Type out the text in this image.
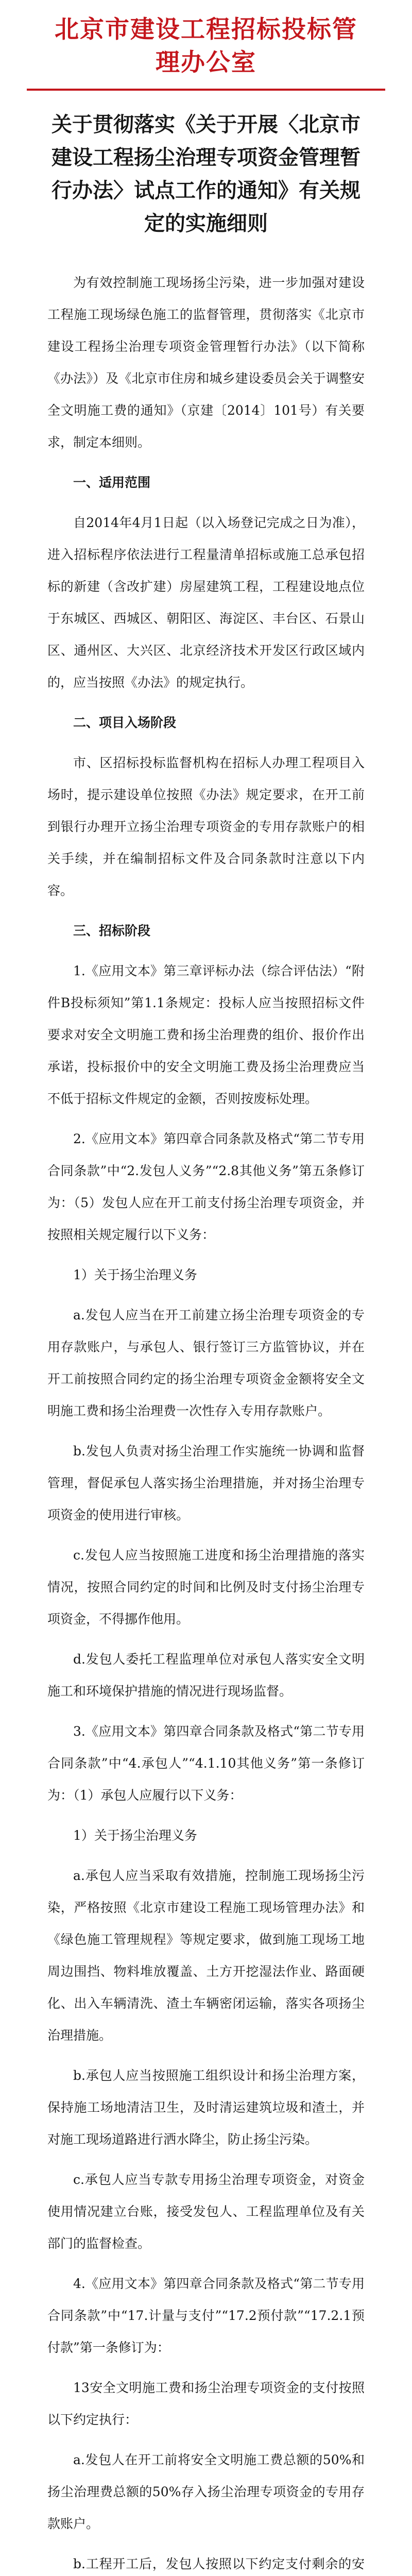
北京市建设工程招标投标管理办公室
关于贯彻落实《关于开展〈北京市建设工程扬尘治理专项资金管理暂行办法〉试点工作的通知》有关规定的实施细则

为有效控制施工现场扬尘污染，进一步加强对建设工程施工现场绿色施工的监督管理，贯彻落实《北京市建设工程扬尘治理专项资金管理暂行办法》（以下简称《办法》）及《北京市住房和城乡建设委员会关于调整安全文明施工费的通知》（京建〔2014〕101号）有关要求，制定本细则。

一、适用范围

自2014年4月1日起（以入场登记完成之日为准），进入招标程序依法进行工程量清单招标或施工总承包招标的新建（含改扩建）房屋建筑工程，工程建设地点位于东城区、西城区、朝阳区、海淀区、丰台区、石景山区、通州区、大兴区、北京经济技术开发区行政区域内的，应当按照《办法》的规定执行。

二、项目入场阶段

市、区招标投标监督机构在招标人办理工程项目入场时，提示建设单位按照《办法》规定要求，在开工前到银行办理开立扬尘治理专项资金的专用存款账户的相关手续，并在编制招标文件及合同条款时注意以下内容。

三、招标阶段

1.《应用文本》第三章评标办法（综合评估法）“附件B投标须知”第1.1条规定：投标人应当按照招标文件要求对安全文明施工费和扬尘治理费的组价、报价作出承诺，投标报价中的安全文明施工费及扬尘治理费应当不低于招标文件规定的金额，否则按废标处理。

2.《应用文本》第四章合同条款及格式“第二节专用合同条款”中“2.发包人义务”“2.8其他义务”第五条修订为：（5）发包人应在开工前支付扬尘治理专项资金，并按照相关规定履行以下义务：

1）关于扬尘治理义务

a.发包人应当在开工前建立扬尘治理专项资金的专用存款账户，与承包人、银行签订三方监管协议，并在开工前按照合同约定的扬尘治理专项资金金额将安全文明施工费和扬尘治理费一次性存入专用存款账户。

b.发包人负责对扬尘治理工作实施统一协调和监督管理，督促承包人落实扬尘治理措施，并对扬尘治理专项资金的使用进行审核。

c.发包人应当按照施工进度和扬尘治理措施的落实情况，按照合同约定的时间和比例及时支付扬尘治理专项资金，不得挪作他用。

d.发包人委托工程监理单位对承包人落实安全文明施工和环境保护措施的情况进行现场监督。

3.《应用文本》第四章合同条款及格式“第二节专用合同条款”中“4.承包人”“4.1.10其他义务”第一条修订为：（1）承包人应履行以下义务：

1）关于扬尘治理义务

a.承包人应当采取有效措施，控制施工现场扬尘污染，严格按照《北京市建设工程施工现场管理办法》和《绿色施工管理规程》等规定要求，做到施工现场工地周边围挡、物料堆放覆盖、土方开挖湿法作业、路面硬化、出入车辆清洗、渣土车辆密闭运输，落实各项扬尘治理措施。

b.承包人应当按照施工组织设计和扬尘治理方案，保持施工场地清洁卫生，及时清运建筑垃圾和渣土，并对施工现场道路进行洒水降尘，防止扬尘污染。

c.承包人应当专款专用扬尘治理专项资金，对资金使用情况建立台账，接受发包人、工程监理单位及有关部门的监督检查。

4.《应用文本》第四章合同条款及格式“第二节专用合同条款”中“17.计量与支付”“17.2预付款”“17.2.1预付款”第一条修订为：

13安全文明施工费和扬尘治理专项资金的支付按照以下约定执行：

a.发包人在开工前将安全文明施工费总额的50%和扬尘治理费总额的50%存入扬尘治理专项资金的专用存款账户。

b.工程开工后，发包人按照以下约定支付剩余的安
